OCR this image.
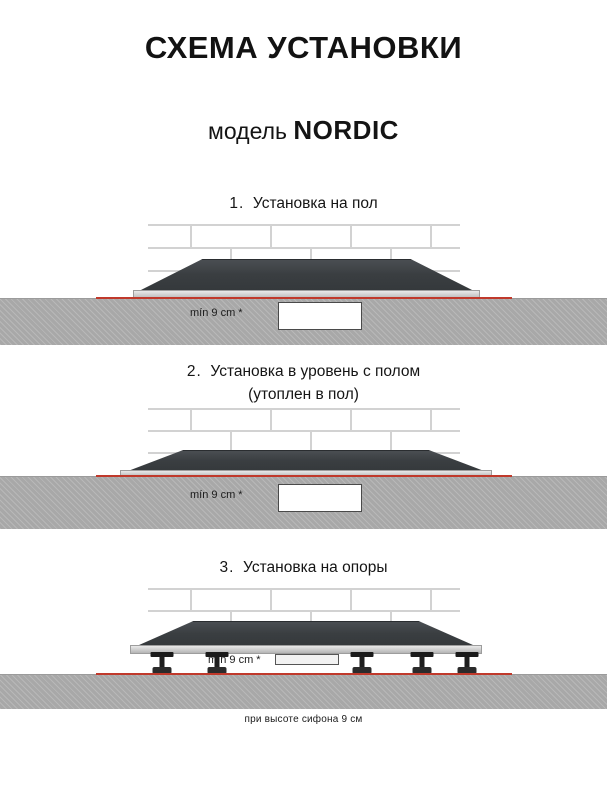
СХЕМА УСТАНОВКИ
модель NORDIC
1. Установка на пол
mín 9 cm *
2. Установка в уровень с полом
(утоплен в пол)
mín 9 cm *
3. Установка на опоры
mín 9 cm *
при высоте сифона 9 см
